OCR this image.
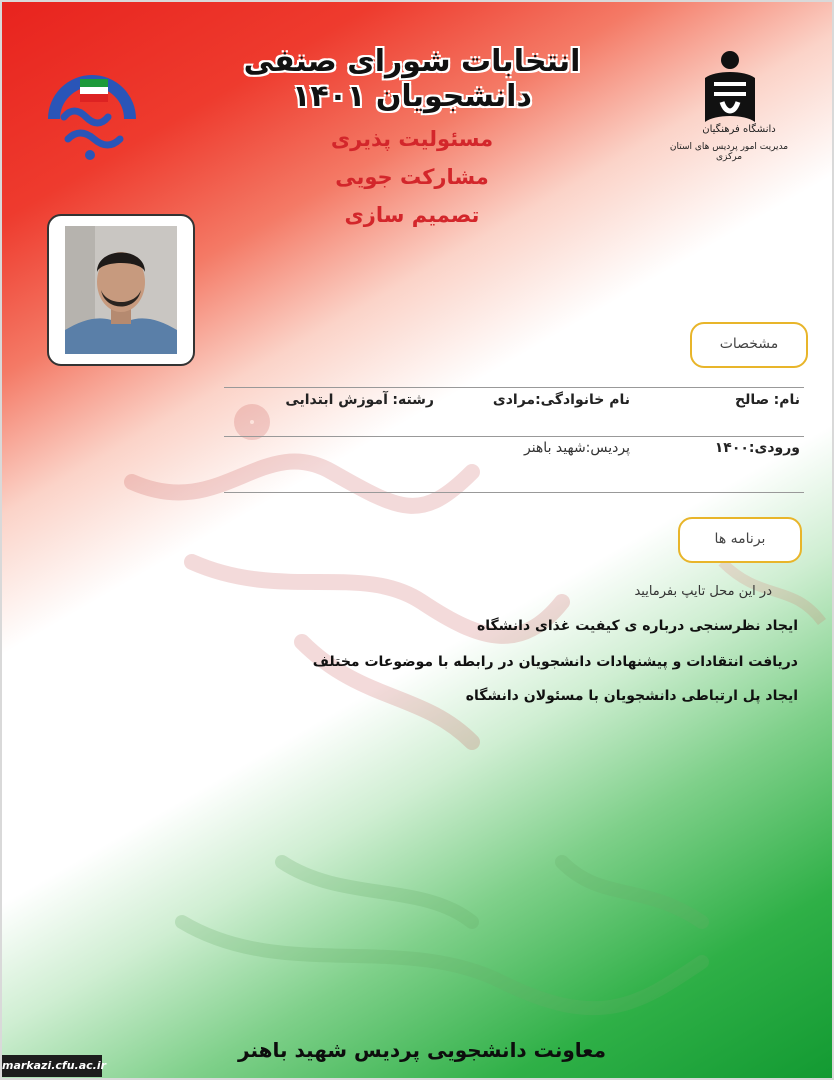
انتخابات شورای صنفی دانشجویان ۱۴۰۱
دانشگاه فرهنگیان
مدیریت امور پردیس های استان مرکزی
مسئولیت پذیری
مشارکت جویی
تصمیم سازی
مشخصات
نام: صالح
نام خانوادگی:مرادی
رشته: آموزش ابتدایی
ورودی:۱۴۰۰
پردیس:شهید باهنر
برنامه ها
در این محل تایپ بفرمایید
ایجاد نظرسنجی درباره ی کیفیت غذای دانشگاه
دریافت انتقادات و پیشنهادات دانشجویان در رابطه با موضوعات مختلف
ایجاد پل ارتباطی دانشجویان با مسئولان دانشگاه
معاونت دانشجویی پردیس شهید باهنر
markazi.cfu.ac.ir
